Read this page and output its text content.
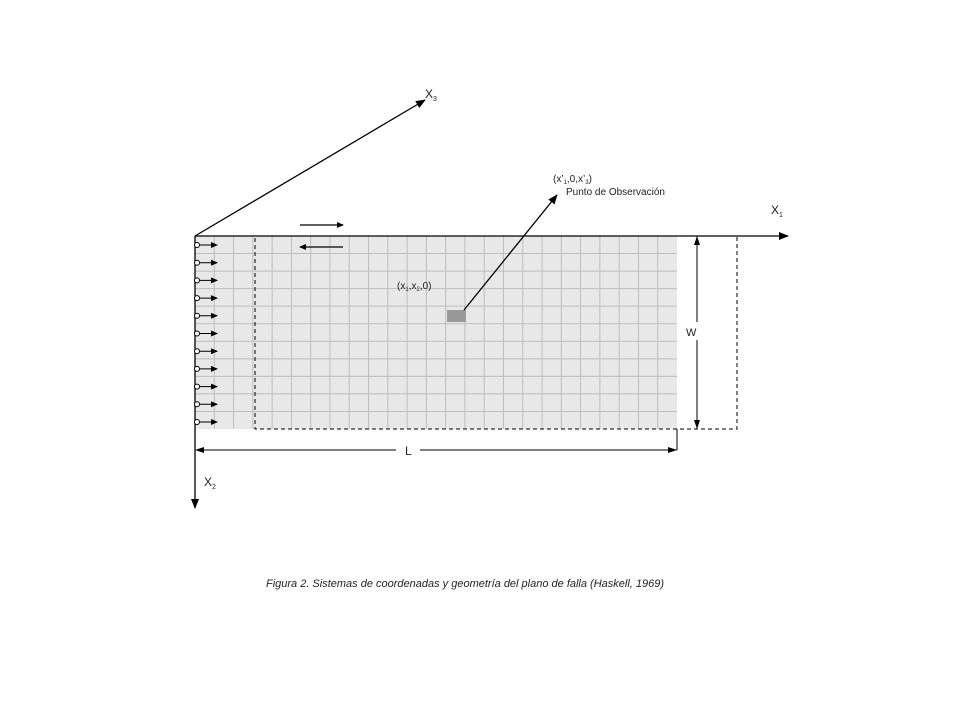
L
W
$X_3$
$X_1$
$X_2$
$(x’_1,0,x’_3)$
Punto de Observación
$(x_1,x_2,0)$
Figura 2. Sistemas de coordenadas y geometría del plano de falla (Haskell, 1969)
